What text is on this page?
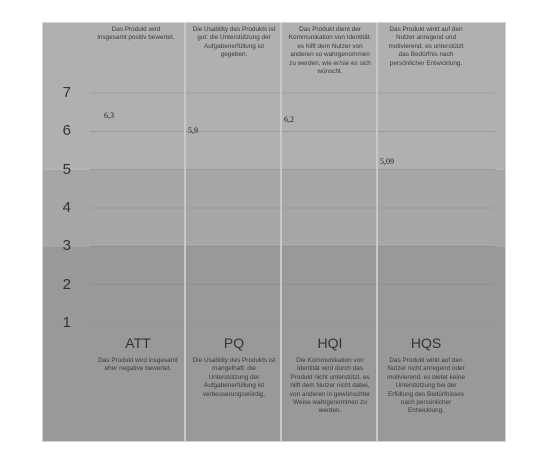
1
2
3
4
5
6
7
Das Produkt wird insgesamt positiv bewertet.
Die Usability des Produkts ist gut: die Unterstützung der Aufgabenerfüllung ist gegeben.
Das Produkt dient der Kommunikation von Identität. es hilft dem Nutzer von anderen so wahrgenommen zu werden, wie er/sie es sich wünscht.
Das Produkt wirkt auf den Nutzer anregend und motivierend. es unterstützt das Bedürfnis nach persönlicher Entwicklung.
ATT	PQ	HQI	HQS
Das Produkt wird insgesamt eher negative bewertet.
Die Usability des Produkts ist mangelhaft: die Unterstützung der Aufgabenerfüllung ist verbesserungswürdig.
Die Kommunikation von Identität wird durch das Produkt nicht unterstützt. es hilft dem Nutzer nicht dabei, von anderen in gewünschter Weise wahrgenommen zu werden.
Das Produkt wirkt auf den Nutzer nicht anregend oder motivierend. es bietet keine Unterstützung bei der Erfüllung des Bedürfnisses nach persönlicher Entwicklung.
6,3
5,9
6,2
5,09
